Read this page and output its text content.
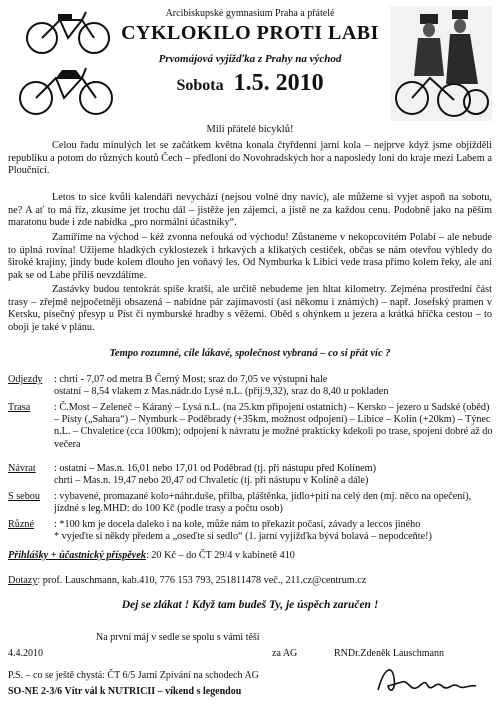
Arcibiskupské gymnasium Praha a přátelé
CYKLOKILO PROTI LABI
Prvomájová vyjížďka z Prahy na východ
Sobota 1.5. 2010
Milí přátelé bicyklů!
Celou řadu minulých let se začátkem května konala čtyřdenní jarní kola – nejprve když jsme objížděli republiku a potom do různých koutů Čech – předloni do Novohradských hor a naposledy loni do kraje mezi Labem a Ploučnicí.
Letos to sice kvůli kalendáři nevychází (nejsou volné dny navíc), ale můžeme si vyjet aspoň na sobotu, ne? A ať to má říz, zkusíme jet trochu dál – jistěže jen zájemci, a jistě ne za každou cenu. Podobně jako na pěším maratonu bude i zde nabídka „pro normální účastníky“.
Zamíříme na východ – kéž zvonna nefouká od východu! Zůstaneme v nekopcovitém Polabí – ale nebude to úplná rovina! Užijeme hladkých cyklostezek i hrkavých a klikatých cestiček, občas se nám otevřou výhledy do široké krajiny, jindy bude kolem dlouho jen voňavý les. Od Nymburka k Libici vede trasa přímo kolem řeky, ale ani pak se od Labe příliš nevzdálíme.
Zastávky budou tentokrát spíše kratší, ale určitě nebudeme jen hltat kilometry. Zejména prostřední část trasy – zřejmě nejpočetněji obsazená – nabídne pár zajímavostí (asi někomu i známých) – např. Josefský pramen v Kersku, písečný přesyp u Píst či nymburské hradby s věžemi. Oběd s ohýnkem u jezera a krátká hříčka cestou – to obojí je také v plánu.
Tempo rozumné, cíle lákavé, společnost vybraná – co si přát víc ?
Odjezdy : chrti - 7,07 od metra B Černý Most; sraz do 7,05 ve výstupní hale
ostatní – 8,54 vlakem z Mas.nádr.do Lysé n.L. (příj.9,32), sraz do 8,40 u pokladen
Trasa : Č.Most – Zeleneč – Káraný – Lysá n.L. (na 25.km připojení ostatních) – Kersko – jezero u Sadské (oběd) – Písty („Sahara“) – Nymburk – Poděbrady (+35km, možnost odpojení) – Libice – Kolín (+20km) – Týnec n.L. – Chvaletice (cca 100km); odpojení k návratu je možné prakticky kdekoli po trase, spojení dobré až do večera
Návrat : ostatní – Mas.n. 16,01 nebo 17,01 od Poděbrad (tj. při nástupu před Kolínem)
chrti – Mas.n. 19,47 nebo 20,47 od Chvaletic (tj. při nástupu v Kolíně a dále)
S sebou : vybavené, promazané kolo+náhr.duše, přilba, pláštěnka, jídlo+pití na celý den (mj. něco na opečení), jízdné s leg.MHD: do 100 Kč (podle trasy a počtu osob)
Různé : *100 km je docela daleko i na kole, může nám to překazit počasí, závady a leccos jiného
* vyjeďte si někdy předem a „oseďte si sedlo“ (1. jarní vyjížďka bývá bolavá – nepodceňte!)
Přihlášky + účastnický příspěvek: 20 Kč – do ČT 29/4 v kabinetě 410
Dotazy: prof. Lauschmann, kab.410, 776 153 793, 251811478 več., 211.cz@centrum.cz
Dej se zlákat ! Když tam budeš Ty, je úspěch zaručen !
Na první máj v sedle se spolu s vámi těší
4.4.2010	za AG	RNDr.Zdeněk Lauschmann
P.S. – co se ještě chystá: ČT 6/5 Jarní Zpívání na schodech AG
SO-NE 2-3/6 Vítr vál k NUTRICII – víkend s legendou
